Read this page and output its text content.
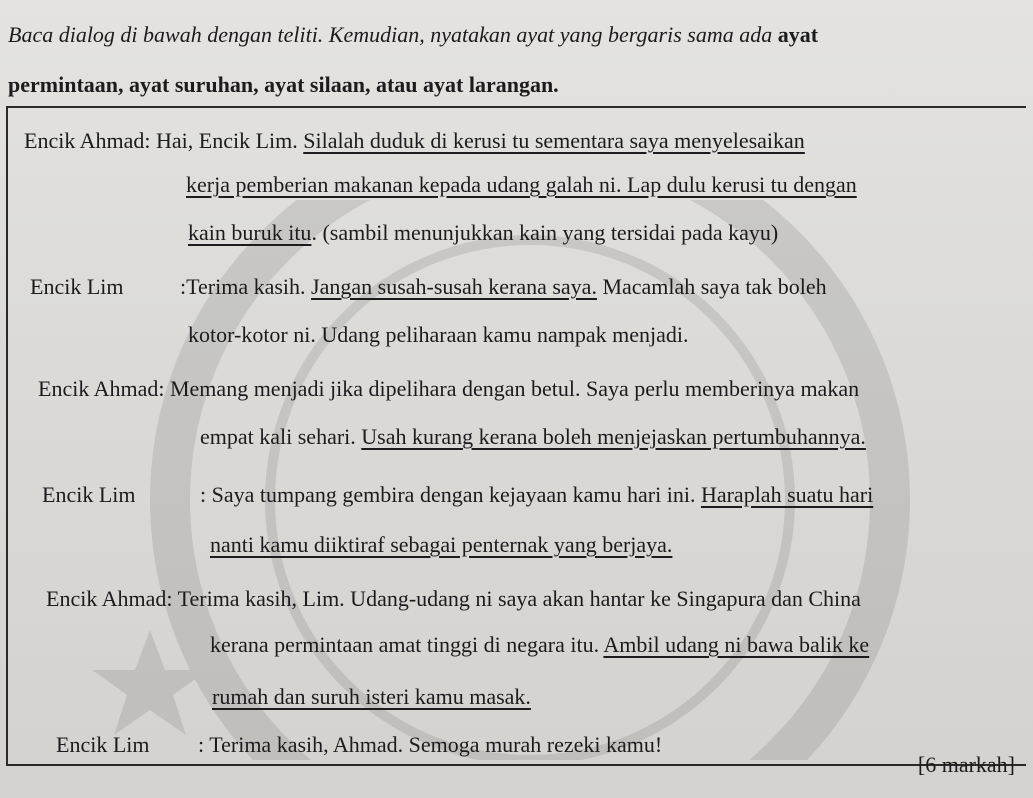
Baca dialog di bawah dengan teliti. Kemudian, nyatakan ayat yang bergaris sama ada ayat
permintaan, ayat suruhan, ayat silaan, atau ayat larangan.
Encik Ahmad: Hai, Encik Lim. Silalah duduk di kerusi tu sementara saya menyelesaikan
kerja pemberian makanan kepada udang galah ni. Lap dulu kerusi tu dengan
kain buruk itu. (sambil menunjukkan kain yang tersidai pada kayu)
Encik Lim	:Terima kasih. Jangan susah-susah kerana saya. Macamlah saya tak boleh
kotor-kotor ni. Udang peliharaan kamu nampak menjadi.
Encik Ahmad: Memang menjadi jika dipelihara dengan betul. Saya perlu memberinya makan
empat kali sehari. Usah kurang kerana boleh menjejaskan pertumbuhannya.
Encik Lim	: Saya tumpang gembira dengan kejayaan kamu hari ini. Haraplah suatu hari
nanti kamu diiktiraf sebagai penternak yang berjaya.
Encik Ahmad: Terima kasih, Lim. Udang-udang ni saya akan hantar ke Singapura dan China
kerana permintaan amat tinggi di negara itu. Ambil udang ni bawa balik ke
rumah dan suruh isteri kamu masak.
Encik Lim : Terima kasih, Ahmad. Semoga murah rezeki kamu!
[6 markah]
